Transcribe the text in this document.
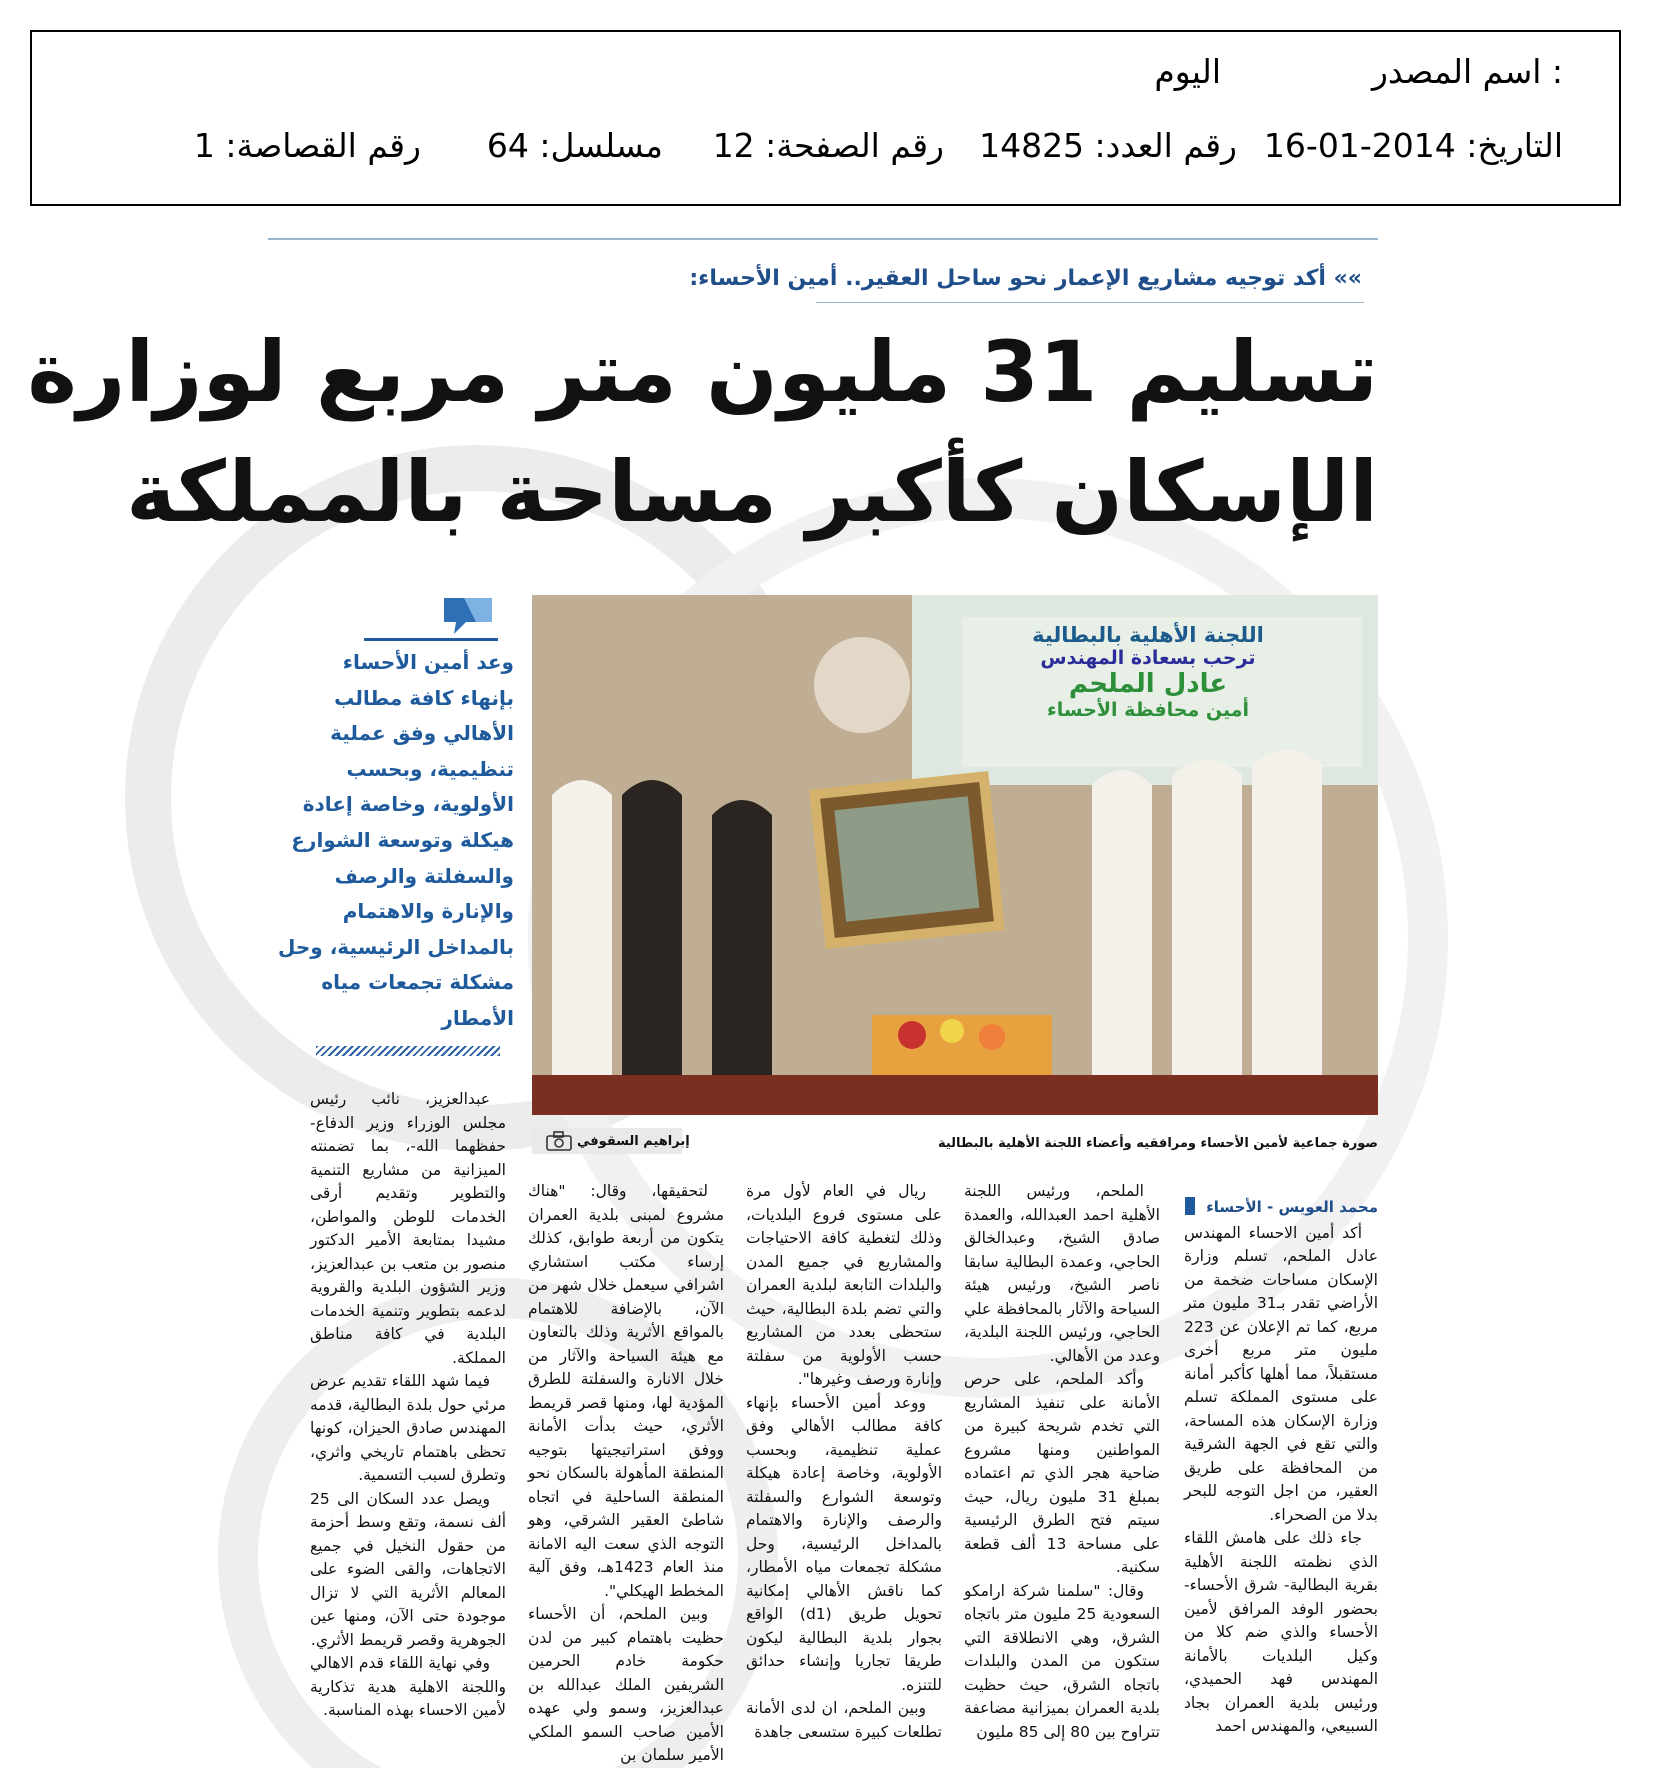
اسم المصدر :
اليوم
التاريخ: 2014-01-16
رقم العدد: 14825
رقم الصفحة: 12
مسلسل: 64
رقم القصاصة: 1
»» أكد توجيه مشاريع الإعمار نحو ساحل العقير.. أمين الأحساء:
تسليم 31 مليون متر مربع لوزارة
الإسكان كأكبر مساحة بالمملكة
وعد أمين الأحساء
بإنهاء كافة مطالب
الأهالي وفق عملية
تنظيمية، وبحسب
الأولوية، وخاصة إعادة
هيكلة وتوسعة الشوارع
والسفلتة والرصف
والإنارة والاهتمام
بالمداخل الرئيسية، وحل
مشكلة تجمعات مياه
الأمطار
اللجنة الأهلية بالبطالية
ترحب بسعادة المهندس
عادل الملحم
أمين محافظة الأحساء
صورة جماعية لأمين الأحساء ومرافقيه وأعضاء اللجنة الأهلية بالبطالية
إبراهيم السقوفي
محمد العويس - الأحساء

أكد أمين الاحساء المهندس عادل الملحم، تسلم وزارة الإسكان مساحات ضخمة من الأراضي تقدر بـ31 مليون متر مربع، كما تم الإعلان عن 223 مليون متر مربع أخرى مستقبلاً، مما أهلها كأكبر أمانة على مستوى المملكة تسلم وزارة الإسكان هذه المساحة، والتي تقع في الجهة الشرقية من المحافظة على طريق العقير، من اجل التوجه للبحر بدلا من الصحراء.

جاء ذلك على هامش اللقاء الذي نظمته اللجنة الأهلية بقرية البطالية- شرق الأحساء- بحضور الوفد المرافق لأمين الأحساء والذي ضم كلا من وكيل البلديات بالأمانة المهندس فهد الحميدي، ورئيس بلدية العمران بجاد السبيعي، والمهندس احمد

الملحم، ورئيس اللجنة الأهلية احمد العبدالله، والعمدة صادق الشيخ، وعبدالخالق الحاجي، وعمدة البطالية سابقا ناصر الشيخ، ورئيس هيئة السياحة والآثار بالمحافظة علي الحاجي، ورئيس اللجنة البلدية، وعدد من الأهالي.

وأكد الملحم، على حرص الأمانة على تنفيذ المشاريع التي تخدم شريحة كبيرة من المواطنين ومنها مشروع ضاحية هجر الذي تم اعتماده بمبلغ 31 مليون ريال، حيث سيتم فتح الطرق الرئيسية على مساحة 13 ألف قطعة سكنية.

وقال: "سلمنا شركة ارامكو السعودية 25 مليون متر باتجاه الشرق، وهي الانطلاقة التي ستكون من المدن والبلدات باتجاه الشرق، حيث حظيت بلدية العمران بميزانية مضاعفة تتراوح بين 80 إلى 85 مليون

ريال في العام لأول مرة على مستوى فروع البلديات، وذلك لتغطية كافة الاحتياجات والمشاريع في جميع المدن والبلدات التابعة لبلدية العمران والتي تضم بلدة البطالية، حيث ستحظى بعدد من المشاريع حسب الأولوية من سفلتة وإنارة ورصف وغيرها".

ووعد أمين الأحساء بإنهاء كافة مطالب الأهالي وفق عملية تنظيمية، وبحسب الأولوية، وخاصة إعادة هيكلة وتوسعة الشوارع والسفلتة والرصف والإنارة والاهتمام بالمداخل الرئيسية، وحل مشكلة تجمعات مياه الأمطار، كما ناقش الأهالي إمكانية تحويل طريق (d1) الواقع بجوار بلدية البطالية ليكون طريقا تجاريا وإنشاء حدائق للتنزه.

وبين الملحم، ان لدى الأمانة تطلعات كبيرة ستسعى جاهدة

لتحقيقها، وقال: "هناك مشروع لمبنى بلدية العمران يتكون من أربعة طوابق، كذلك إرساء مكتب استشاري اشرافي سيعمل خلال شهر من الآن، بالإضافة للاهتمام بالمواقع الأثرية وذلك بالتعاون مع هيئة السياحة والآثار من خلال الانارة والسفلتة للطرق المؤدية لها، ومنها قصر قريمط الأثري، حيث بدأت الأمانة ووفق استراتيجيتها بتوجيه المنطقة المأهولة بالسكان نحو المنطقة الساحلية في اتجاه شاطئ العقير الشرقي، وهو التوجه الذي سعت اليه الامانة منذ العام 1423هـ، وفق آلية المخطط الهيكلي".

وبين الملحم، أن الأحساء حظيت باهتمام كبير من لدن حكومة خادم الحرمين الشريفين الملك عبدالله بن عبدالعزيز، وسمو ولي عهده الأمين صاحب السمو الملكي الأمير سلمان بن

عبدالعزيز، نائب رئيس مجلس الوزراء وزير الدفاع- حفظهما الله-، بما تضمنته الميزانية من مشاريع التنمية والتطوير وتقديم أرقى الخدمات للوطن والمواطن، مشيدا بمتابعة الأمير الدكتور منصور بن متعب بن عبدالعزيز، وزير الشؤون البلدية والقروية لدعمه بتطوير وتنمية الخدمات البلدية في كافة مناطق المملكة.

فيما شهد اللقاء تقديم عرض مرئي حول بلدة البطالية، قدمه المهندس صادق الحيزان، كونها تحظى باهتمام تاريخي واثري، وتطرق لسبب التسمية.

ويصل عدد السكان الى 25 ألف نسمة، وتقع وسط أحزمة من حقول النخيل في جميع الاتجاهات، والقى الضوء على المعالم الأثرية التي لا تزال موجودة حتى الآن، ومنها عين الجوهرية وقصر قريمط الأثري.

وفي نهاية اللقاء قدم الاهالي واللجنة الاهلية هدية تذكارية لأمين الاحساء بهذه المناسبة.
